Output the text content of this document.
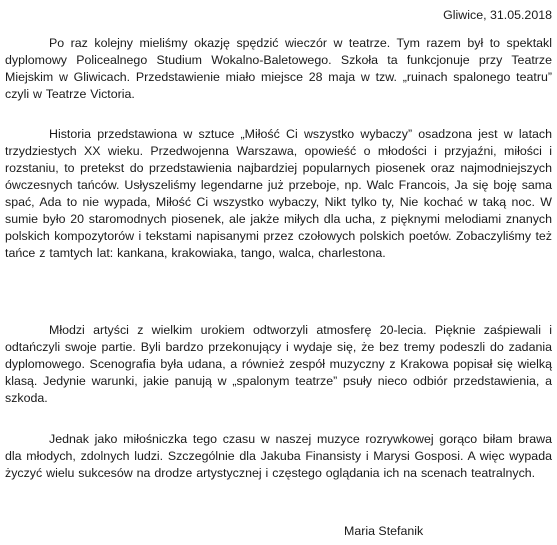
Gliwice, 31.05.2018

Po raz kolejny mieliśmy okazję spędzić wieczór w teatrze. Tym razem był to spektakl dyplomowy Policealnego Studium Wokalno-Baletowego. Szkoła ta funkcjonuje przy Teatrze Miejskim w Gliwicach. Przedstawienie miało miejsce 28 maja w tzw. „ruinach spalonego teatru” czyli w Teatrze Victoria.

Historia przedstawiona w sztuce „Miłość Ci wszystko wybaczy” osadzona jest w latach trzydziestych XX wieku. Przedwojenna Warszawa, opowieść o młodości i przyjaźni, miłości i rozstaniu, to pretekst do przedstawienia najbardziej popularnych piosenek oraz najmodniejszych ówczesnych tańców. Usłyszeliśmy legendarne już przeboje, np. Walc Francois, Ja się boję sama spać, Ada to nie wypada, Miłość Ci wszystko wybaczy, Nikt tylko ty, Nie kochać w taką noc. W sumie było 20 staromodnych piosenek, ale jakże miłych dla ucha, z pięknymi melodiami znanych polskich kompozytorów i tekstami napisanymi przez czołowych polskich poetów. Zobaczyliśmy też tańce z tamtych lat: kankana, krakowiaka, tango, walca, charlestona.

Młodzi artyści z wielkim urokiem odtworzyli atmosferę 20-lecia. Pięknie zaśpiewali i odtańczyli swoje partie. Byli bardzo przekonujący i wydaje się, że bez tremy podeszli do zadania dyplomowego. Scenografia była udana, a również zespół muzyczny z Krakowa popisał się wielką klasą. Jedynie warunki, jakie panują w „spalonym teatrze” psuły nieco odbiór przedstawienia, a szkoda.

Jednak jako miłośniczka tego czasu w naszej muzyce rozrywkowej gorąco biłam brawa dla młodych, zdolnych ludzi. Szczególnie dla Jakuba Finansisty i Marysi Gosposi. A więc wypada życzyć wielu sukcesów na drodze artystycznej i częstego oglądania ich na scenach teatralnych.

Maria Stefanik
